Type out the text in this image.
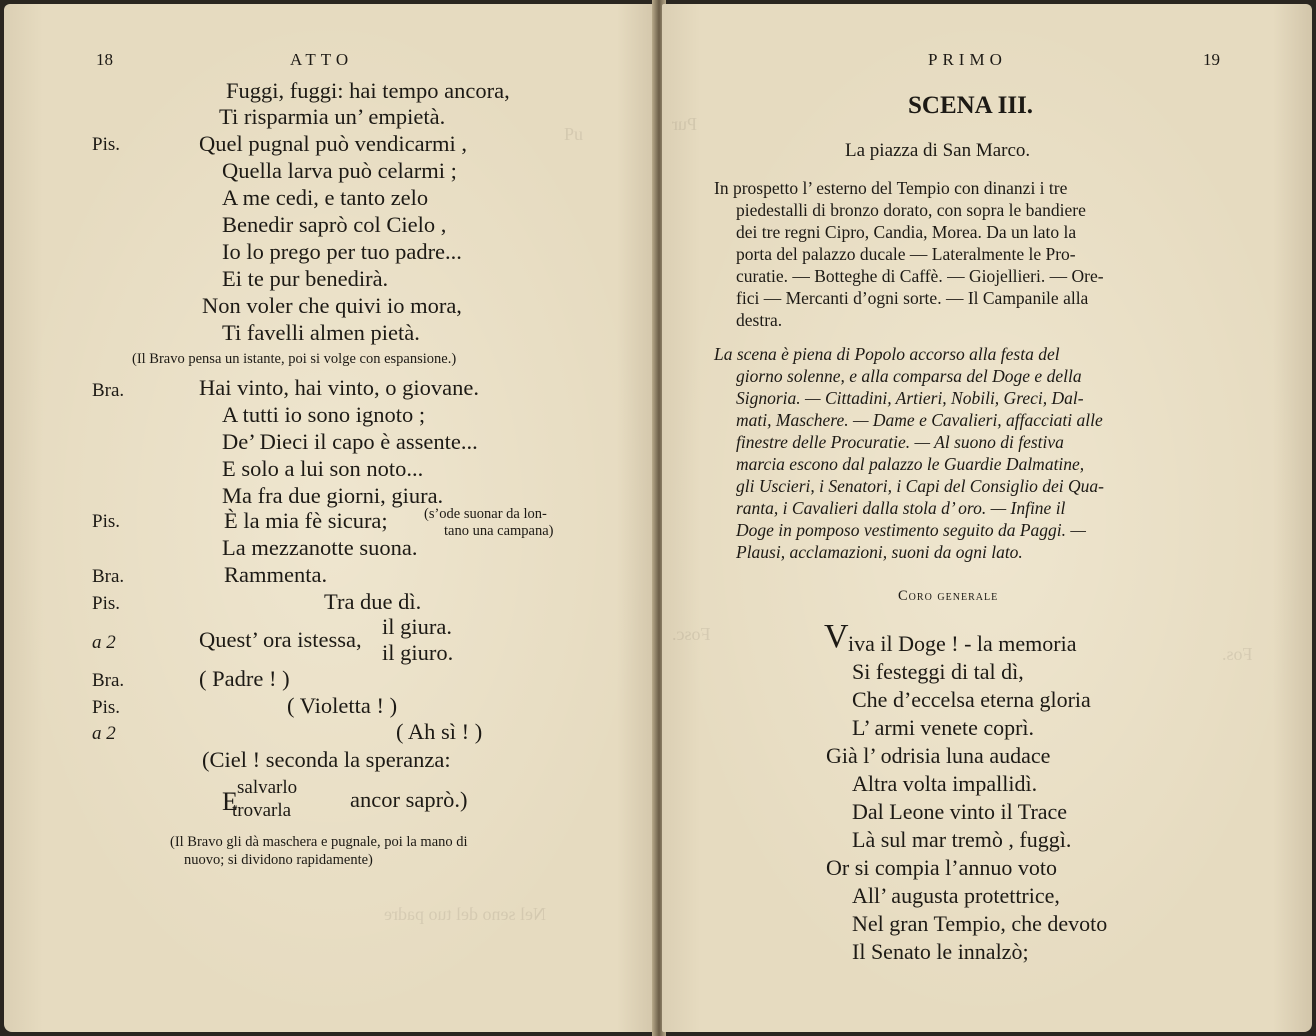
18	ATTO
Fuggi, fuggi: hai tempo ancora,
Ti risparmia un’ empietà.
Pis.	Quel pugnal può vendicarmi ,
Quella larva può celarmi ;
A me cedi, e tanto zelo
Benedir saprò col Cielo ,
Io lo prego per tuo padre...
Ei te pur benedirà.
Non voler che quivi io mora,
Ti favelli almen pietà.
(Il Bravo pensa un istante, poi si volge con espansione.)
Bra.	Hai vinto, hai vinto, o giovane.
A tutti io sono ignoto ;
De’ Dieci il capo è assente...
E solo a lui son noto...
Ma fra due giorni, giura.
Pis.	È la mia fè sicura;	(s’ode suonar da lon-
tano una campana)
La mezzanotte suona.
Bra.	Rammenta.
Pis.	Tra due dì.
a 2	Quest’ ora istessa,
il giura.
il giuro.
Bra.	( Padre ! )
Pis.	( Violetta ! )
a 2	( Ah sì ! )
(Ciel ! seconda la speranza:
E salvarlo
trovarla	ancor saprò.)
(Il Bravo gli dà maschera e pugnale, poi la mano di
nuovo; si dividono rapidamente)
Pu
Nel seno del tuo padre
PRIMO	19
SCENA III.
La piazza di San Marco.
In prospetto l’ esterno del Tempio con dinanzi i tre
piedestalli di bronzo dorato, con sopra le bandiere
dei tre regni Cipro, Candia, Morea. Da un lato la
porta del palazzo ducale — Lateralmente le Pro-
curatie. — Botteghe di Caffè. — Giojellieri. — Ore-
fici — Mercanti d’ogni sorte. — Il Campanile alla
destra.
La scena è piena di Popolo accorso alla festa del
giorno solenne, e alla comparsa del Doge e della
Signoria. — Cittadini, Artieri, Nobili, Greci, Dal-
mati, Maschere. — Dame e Cavalieri, affacciati alle
finestre delle Procuratie. — Al suono di festiva
marcia escono dal palazzo le Guardie Dalmatine,
gli Uscieri, i Senatori, i Capi del Consiglio dei Qua-
ranta, i Cavalieri dalla stola d’ oro. — Infine il
Doge in pomposo vestimento seguito da Paggi. —
Plausi, acclamazioni, suoni da ogni lato.
Coro generale
V iva il Doge ! - la memoria
Si festeggi di tal dì,
Che d’eccelsa eterna gloria
L’ armi venete coprì.
Già l’ odrisia luna audace
Altra volta impallidì.
Dal Leone vinto il Trace
Là sul mar tremò , fuggì.
Or si compia l’annuo voto
All’ augusta protettrice,
Nel gran Tempio, che devoto
Il Senato le innalzò;
Pur
Fosc.
Fos.
